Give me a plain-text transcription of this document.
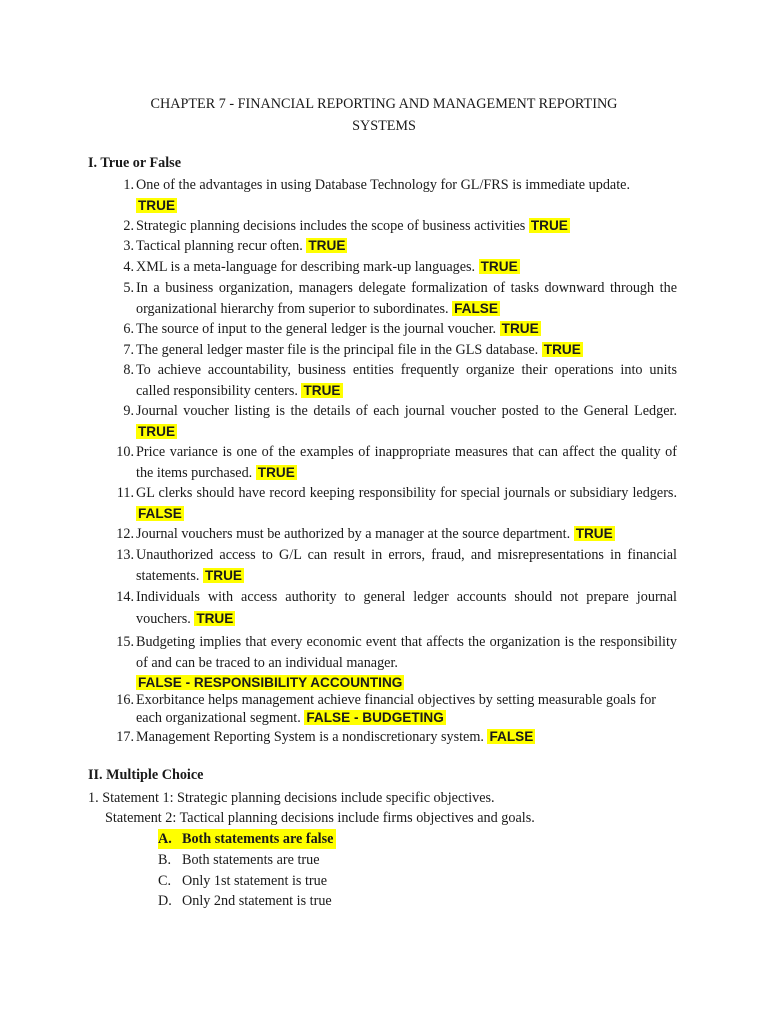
CHAPTER 7 - FINANCIAL REPORTING AND MANAGEMENT REPORTING
SYSTEMS
I. True or False
1. One of the advantages in using Database Technology for GL/FRS is immediate update.
TRUE
2. Strategic planning decisions includes the scope of business activities TRUE
3. Tactical planning recur often. TRUE
4. XML is a meta-language for describing mark-up languages. TRUE
5. In a business organization, managers delegate formalization of tasks downward through the organizational hierarchy from superior to subordinates. FALSE
6. The source of input to the general ledger is the journal voucher. TRUE
7. The general ledger master file is the principal file in the GLS database. TRUE
8. To achieve accountability, business entities frequently organize their operations into units called responsibility centers. TRUE
9. Journal voucher listing is the details of each journal voucher posted to the General Ledger. TRUE
10. Price variance is one of the examples of inappropriate measures that can affect the quality of the items purchased. TRUE
11. GL clerks should have record keeping responsibility for special journals or subsidiary ledgers. FALSE
12. Journal vouchers must be authorized by a manager at the source department. TRUE
13. Unauthorized access to G/L can result in errors, fraud, and misrepresentations in financial statements. TRUE
14. Individuals with access authority to general ledger accounts should not prepare journal vouchers. TRUE
15. Budgeting implies that every economic event that affects the organization is the responsibility of and can be traced to an individual manager.
FALSE - RESPONSIBILITY ACCOUNTING
16. Exorbitance helps management achieve financial objectives by setting measurable goals for each organizational segment. FALSE - BUDGETING
17. Management Reporting System is a nondiscretionary system. FALSE
II. Multiple Choice
1. Statement 1: Strategic planning decisions include specific objectives.
Statement 2: Tactical planning decisions include firms objectives and goals.
A. Both statements are false
B. Both statements are true
C. Only 1st statement is true
D. Only 2nd statement is true
